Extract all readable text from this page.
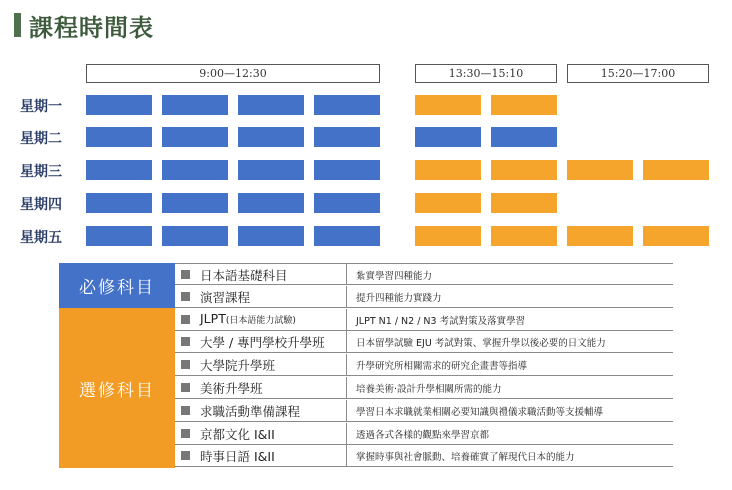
課程時間表
9:00—12:30	13:30—15:10	15:20—17:00
星期一
星期二
星期三
星期四
星期五
必修科目
選修科目
日本語基礎科目	紮實學習四種能力
演習課程	提升四種能力實踐力
JLPT(日本語能力試驗)	JLPT N1 / N2 / N3 考試對策及落實學習
大學 / 專門學校升學班	日本留學試驗 EJU 考試對策、掌握升學以後必要的日文能力
大學院升學班	升學研究所相關需求的研究企畫書等指導
美術升學班	培養美術·設計升學相關所需的能力
求職活動準備課程	學習日本求職就業相關必要知識與禮儀求職活動等支援輔導
京都文化 I&II	透過各式各樣的觀點來學習京都
時事日語 I&II	掌握時事與社會脈動、培養確實了解現代日本的能力
